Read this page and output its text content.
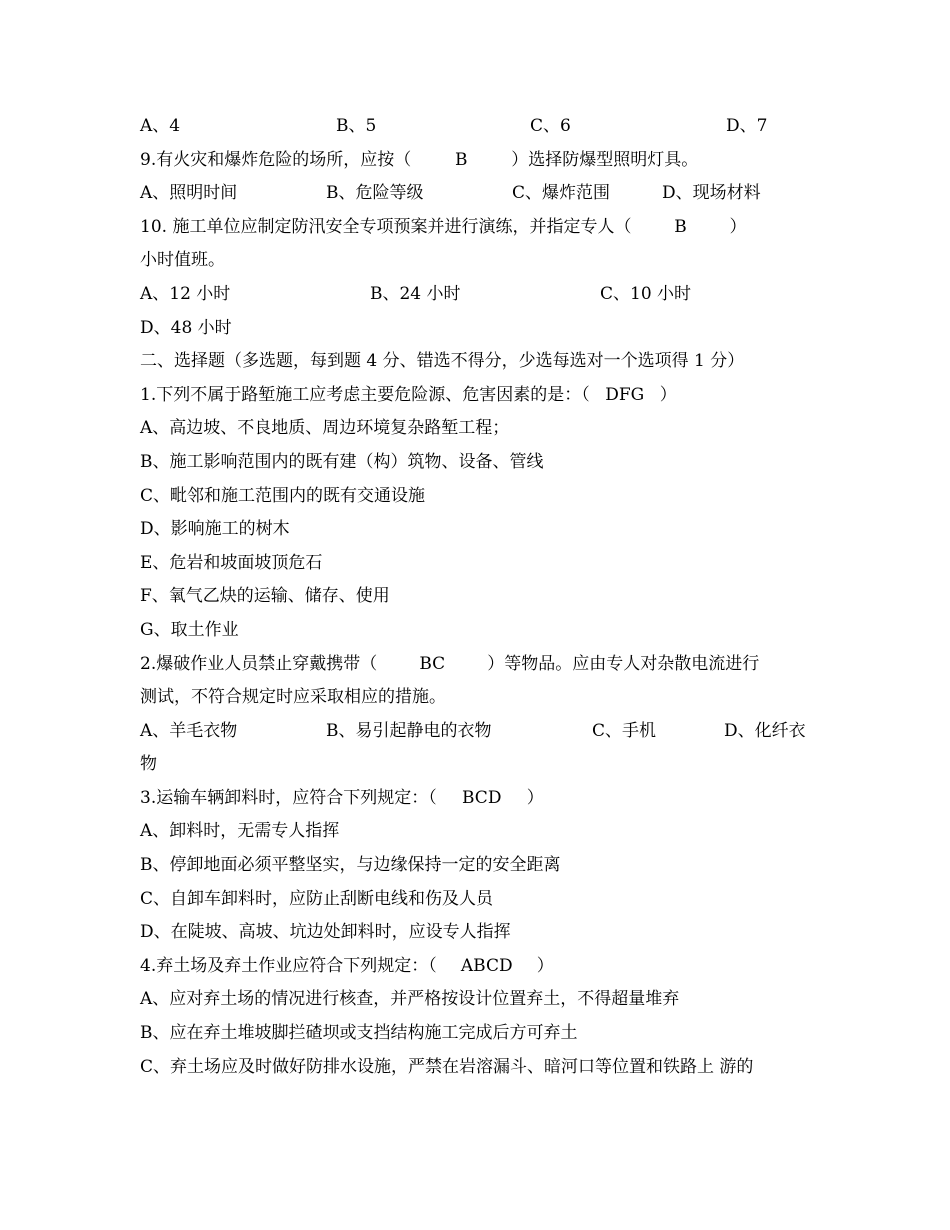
A、4	B、5	C、6	D、7
9.有火灾和爆炸危险的场所，应按（	B	）选择防爆型照明灯具。
A、照明时间	B、危险等级	C、爆炸范围	D、现场材料
10. 施工单位应制定防汛安全专项预案并进行演练，并指定专人（	B	）
小时值班。
A、12 小时	B、24 小时	C、10 小时
D、48 小时
二、选择题（多选题，每到题 4 分、错选不得分，少选每选对一个选项得 1 分）
1.下列不属于路堑施工应考虑主要危险源、危害因素的是：（ DFG ）
A、高边坡、不良地质、周边环境复杂路堑工程；
B、施工影响范围内的既有建（构）筑物、设备、管线
C、毗邻和施工范围内的既有交通设施
D、影响施工的树木
E、危岩和坡面坡顶危石
F、氧气乙炔的运输、储存、使用
G、取土作业
2.爆破作业人员禁止穿戴携带（ BC ）等物品。应由专人对杂散电流进行
测试，不符合规定时应采取相应的措施。
A、羊毛衣物	B、易引起静电的衣物	C、手机	D、化纤衣
物
3.运输车辆卸料时，应符合下列规定：（ BCD ）
A、卸料时，无需专人指挥
B、停卸地面必须平整坚实，与边缘保持一定的安全距离
C、自卸车卸料时，应防止刮断电线和伤及人员
D、在陡坡、高坡、坑边处卸料时，应设专人指挥
4.弃土场及弃土作业应符合下列规定：（ ABCD ）
A、应对弃土场的情况进行核查，并严格按设计位置弃土，不得超量堆弃
B、应在弃土堆坡脚拦碴坝或支挡结构施工完成后方可弃土
C、弃土场应及时做好防排水设施，严禁在岩溶漏斗、暗河口等位置和铁路上 游的
